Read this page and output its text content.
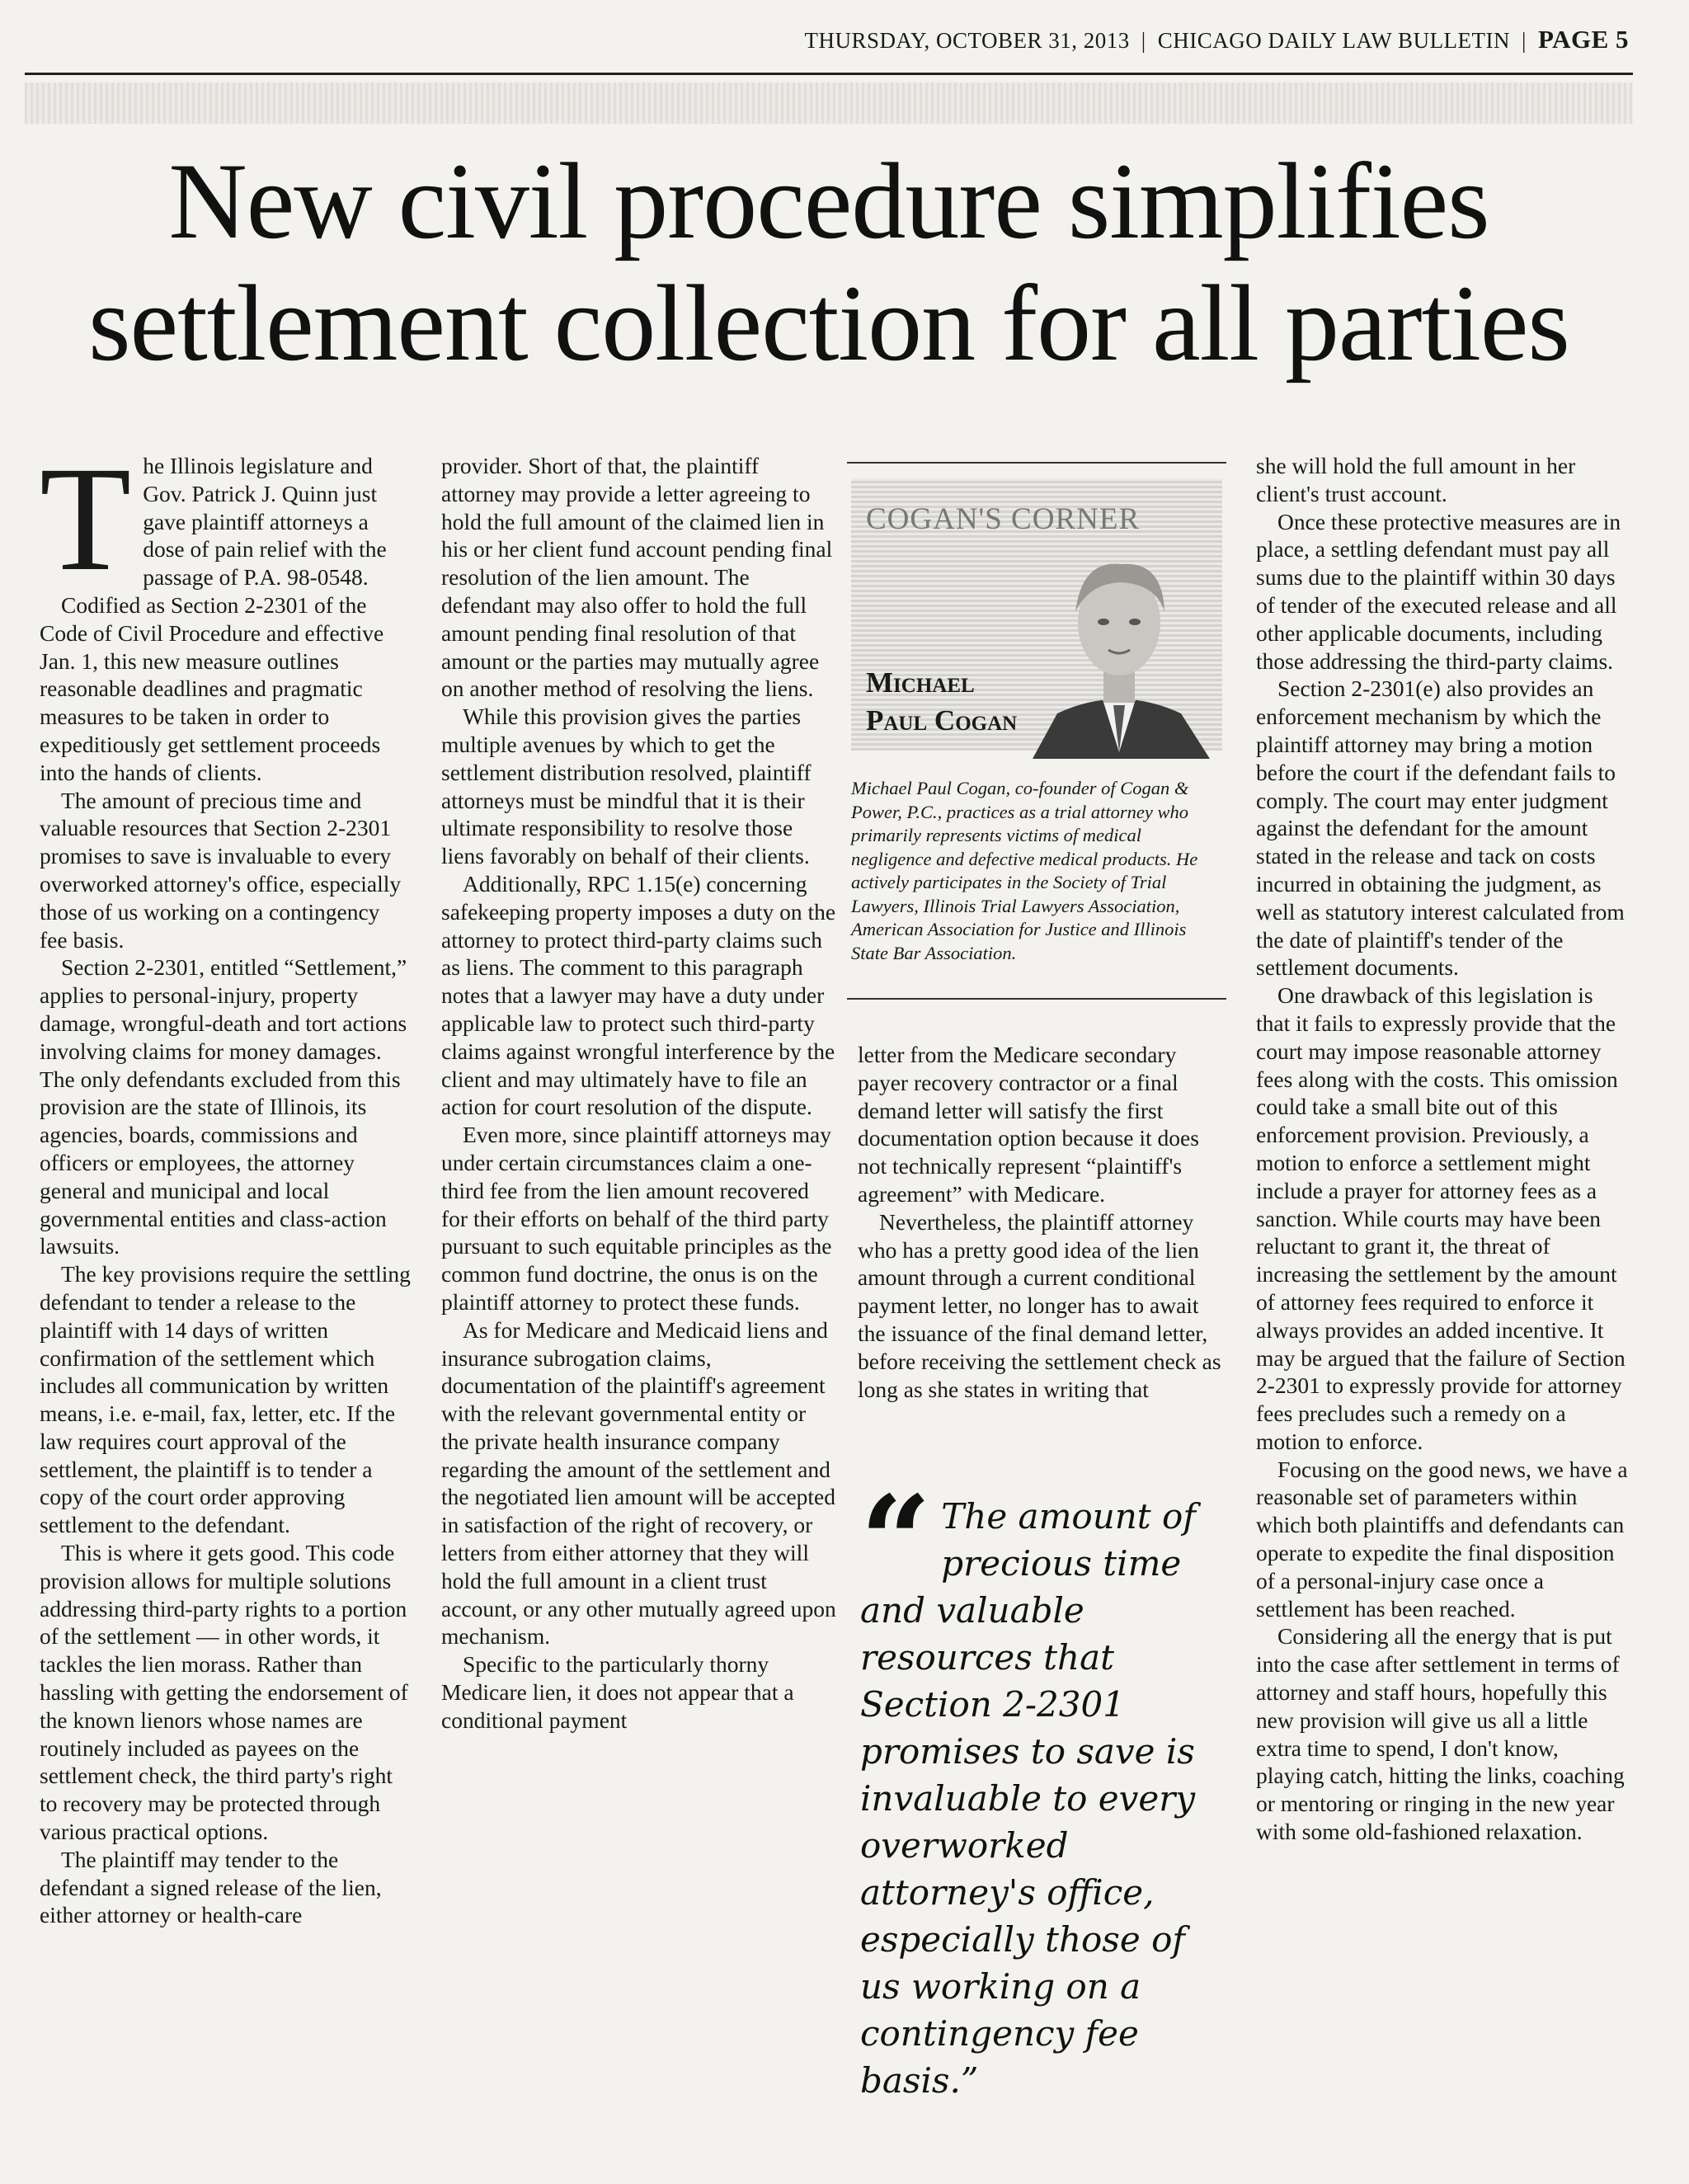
THURSDAY, OCTOBER 31, 2013 | CHICAGO DAILY LAW BULLETIN | PAGE 5
New civil procedure simplifies
settlement collection for all parties

The Illinois legislature and Gov. Patrick J. Quinn just gave plaintiff attorneys a dose of pain relief with the passage of P.A. 98-0548.

Codified as Section 2-2301 of the Code of Civil Procedure and effective Jan. 1, this new measure outlines reasonable deadlines and pragmatic measures to be taken in order to expeditiously get settlement proceeds into the hands of clients.

The amount of precious time and valuable resources that Section 2-2301 promises to save is invaluable to every overworked attorney's office, especially those of us working on a contingency fee basis.

Section 2-2301, entitled “Settlement,” applies to personal-injury, property damage, wrongful-death and tort actions involving claims for money damages. The only defendants excluded from this provision are the state of Illinois, its agencies, boards, commissions and officers or employees, the attorney general and municipal and local governmental entities and class-action lawsuits.

The key provisions require the settling defendant to tender a release to the plaintiff with 14 days of written confirmation of the settlement which includes all communication by written means, i.e. e-mail, fax, letter, etc. If the law requires court approval of the settlement, the plaintiff is to tender a copy of the court order approving settlement to the defendant.

This is where it gets good. This code provision allows for multiple solutions addressing third-party rights to a portion of the settlement — in other words, it tackles the lien morass. Rather than hassling with getting the endorsement of the known lienors whose names are routinely included as payees on the settlement check, the third party's right to recovery may be protected through various practical options.

The plaintiff may tender to the defendant a signed release of the lien, either attorney or health-care

provider. Short of that, the plaintiff attorney may provide a letter agreeing to hold the full amount of the claimed lien in his or her client fund account pending final resolution of the lien amount. The defendant may also offer to hold the full amount pending final resolution of that amount or the parties may mutually agree on another method of resolving the liens.

While this provision gives the parties multiple avenues by which to get the settlement distribution resolved, plaintiff attorneys must be mindful that it is their ultimate responsibility to resolve those liens favorably on behalf of their clients.

Additionally, RPC 1.15(e) concerning safekeeping property imposes a duty on the attorney to protect third-party claims such as liens. The comment to this paragraph notes that a lawyer may have a duty under applicable law to protect such third-party claims against wrongful interference by the client and may ultimately have to file an action for court resolution of the dispute.

Even more, since plaintiff attorneys may under certain circumstances claim a one-third fee from the lien amount recovered for their efforts on behalf of the third party pursuant to such equitable principles as the common fund doctrine, the onus is on the plaintiff attorney to protect these funds.

As for Medicare and Medicaid liens and insurance subrogation claims, documentation of the plaintiff's agreement with the relevant governmental entity or the private health insurance company regarding the amount of the settlement and the negotiated lien amount will be accepted in satisfaction of the right of recovery, or letters from either attorney that they will hold the full amount in a client trust account, or any other mutually agreed upon mechanism.

Specific to the particularly thorny Medicare lien, it does not appear that a conditional payment

COGAN'S CORNER
Michael
Paul Cogan
Michael Paul Cogan, co-founder of Cogan & Power, P.C., practices as a trial attorney who primarily represents victims of medical negligence and defective medical products. He actively participates in the Society of Trial Lawyers, Illinois Trial Lawyers Association, American Association for Justice and Illinois State Bar Association.

letter from the Medicare secondary payer recovery contractor or a final demand letter will satisfy the first documentation option because it does not technically represent “plaintiff's agreement” with Medicare.

Nevertheless, the plaintiff attorney who has a pretty good idea of the lien amount through a current conditional payment letter, no longer has to await the issuance of the final demand letter, before receiving the settlement check as long as she states in writing that

“ The amount of precious time and valuable resources that Section 2-2301 promises to save is invaluable to every overworked attorney's office, especially those of us working on a contingency fee basis.”

she will hold the full amount in her client's trust account.

Once these protective measures are in place, a settling defendant must pay all sums due to the plaintiff within 30 days of tender of the executed release and all other applicable documents, including those addressing the third-party claims.

Section 2-2301(e) also provides an enforcement mechanism by which the plaintiff attorney may bring a motion before the court if the defendant fails to comply. The court may enter judgment against the defendant for the amount stated in the release and tack on costs incurred in obtaining the judgment, as well as statutory interest calculated from the date of plaintiff's tender of the settlement documents.

One drawback of this legislation is that it fails to expressly provide that the court may impose reasonable attorney fees along with the costs. This omission could take a small bite out of this enforcement provision. Previously, a motion to enforce a settlement might include a prayer for attorney fees as a sanction. While courts may have been reluctant to grant it, the threat of increasing the settlement by the amount of attorney fees required to enforce it always provides an added incentive. It may be argued that the failure of Section 2-2301 to expressly provide for attorney fees precludes such a remedy on a motion to enforce.

Focusing on the good news, we have a reasonable set of parameters within which both plaintiffs and defendants can operate to expedite the final disposition of a personal-injury case once a settlement has been reached.

Considering all the energy that is put into the case after settlement in terms of attorney and staff hours, hopefully this new provision will give us all a little extra time to spend, I don't know, playing catch, hitting the links, coaching or mentoring or ringing in the new year with some old-fashioned relaxation.
